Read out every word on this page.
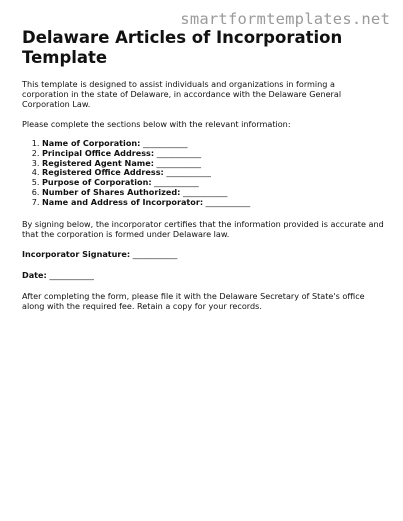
smartformtemplates.net
Delaware Articles of Incorporation Template

This template is designed to assist individuals and organizations in forming a corporation in the state of Delaware, in accordance with the Delaware General Corporation Law.

Please complete the sections below with the relevant information:

1. Name of Corporation: ___________
2. Principal Office Address: ___________
3. Registered Agent Name: ___________
4. Registered Office Address: ___________
5. Purpose of Corporation: ___________
6. Number of Shares Authorized: ___________
7. Name and Address of Incorporator: ___________

By signing below, the incorporator certifies that the information provided is accurate and that the corporation is formed under Delaware law.

Incorporator Signature: ___________

Date: ___________

After completing the form, please file it with the Delaware Secretary of State's office along with the required fee. Retain a copy for your records.
